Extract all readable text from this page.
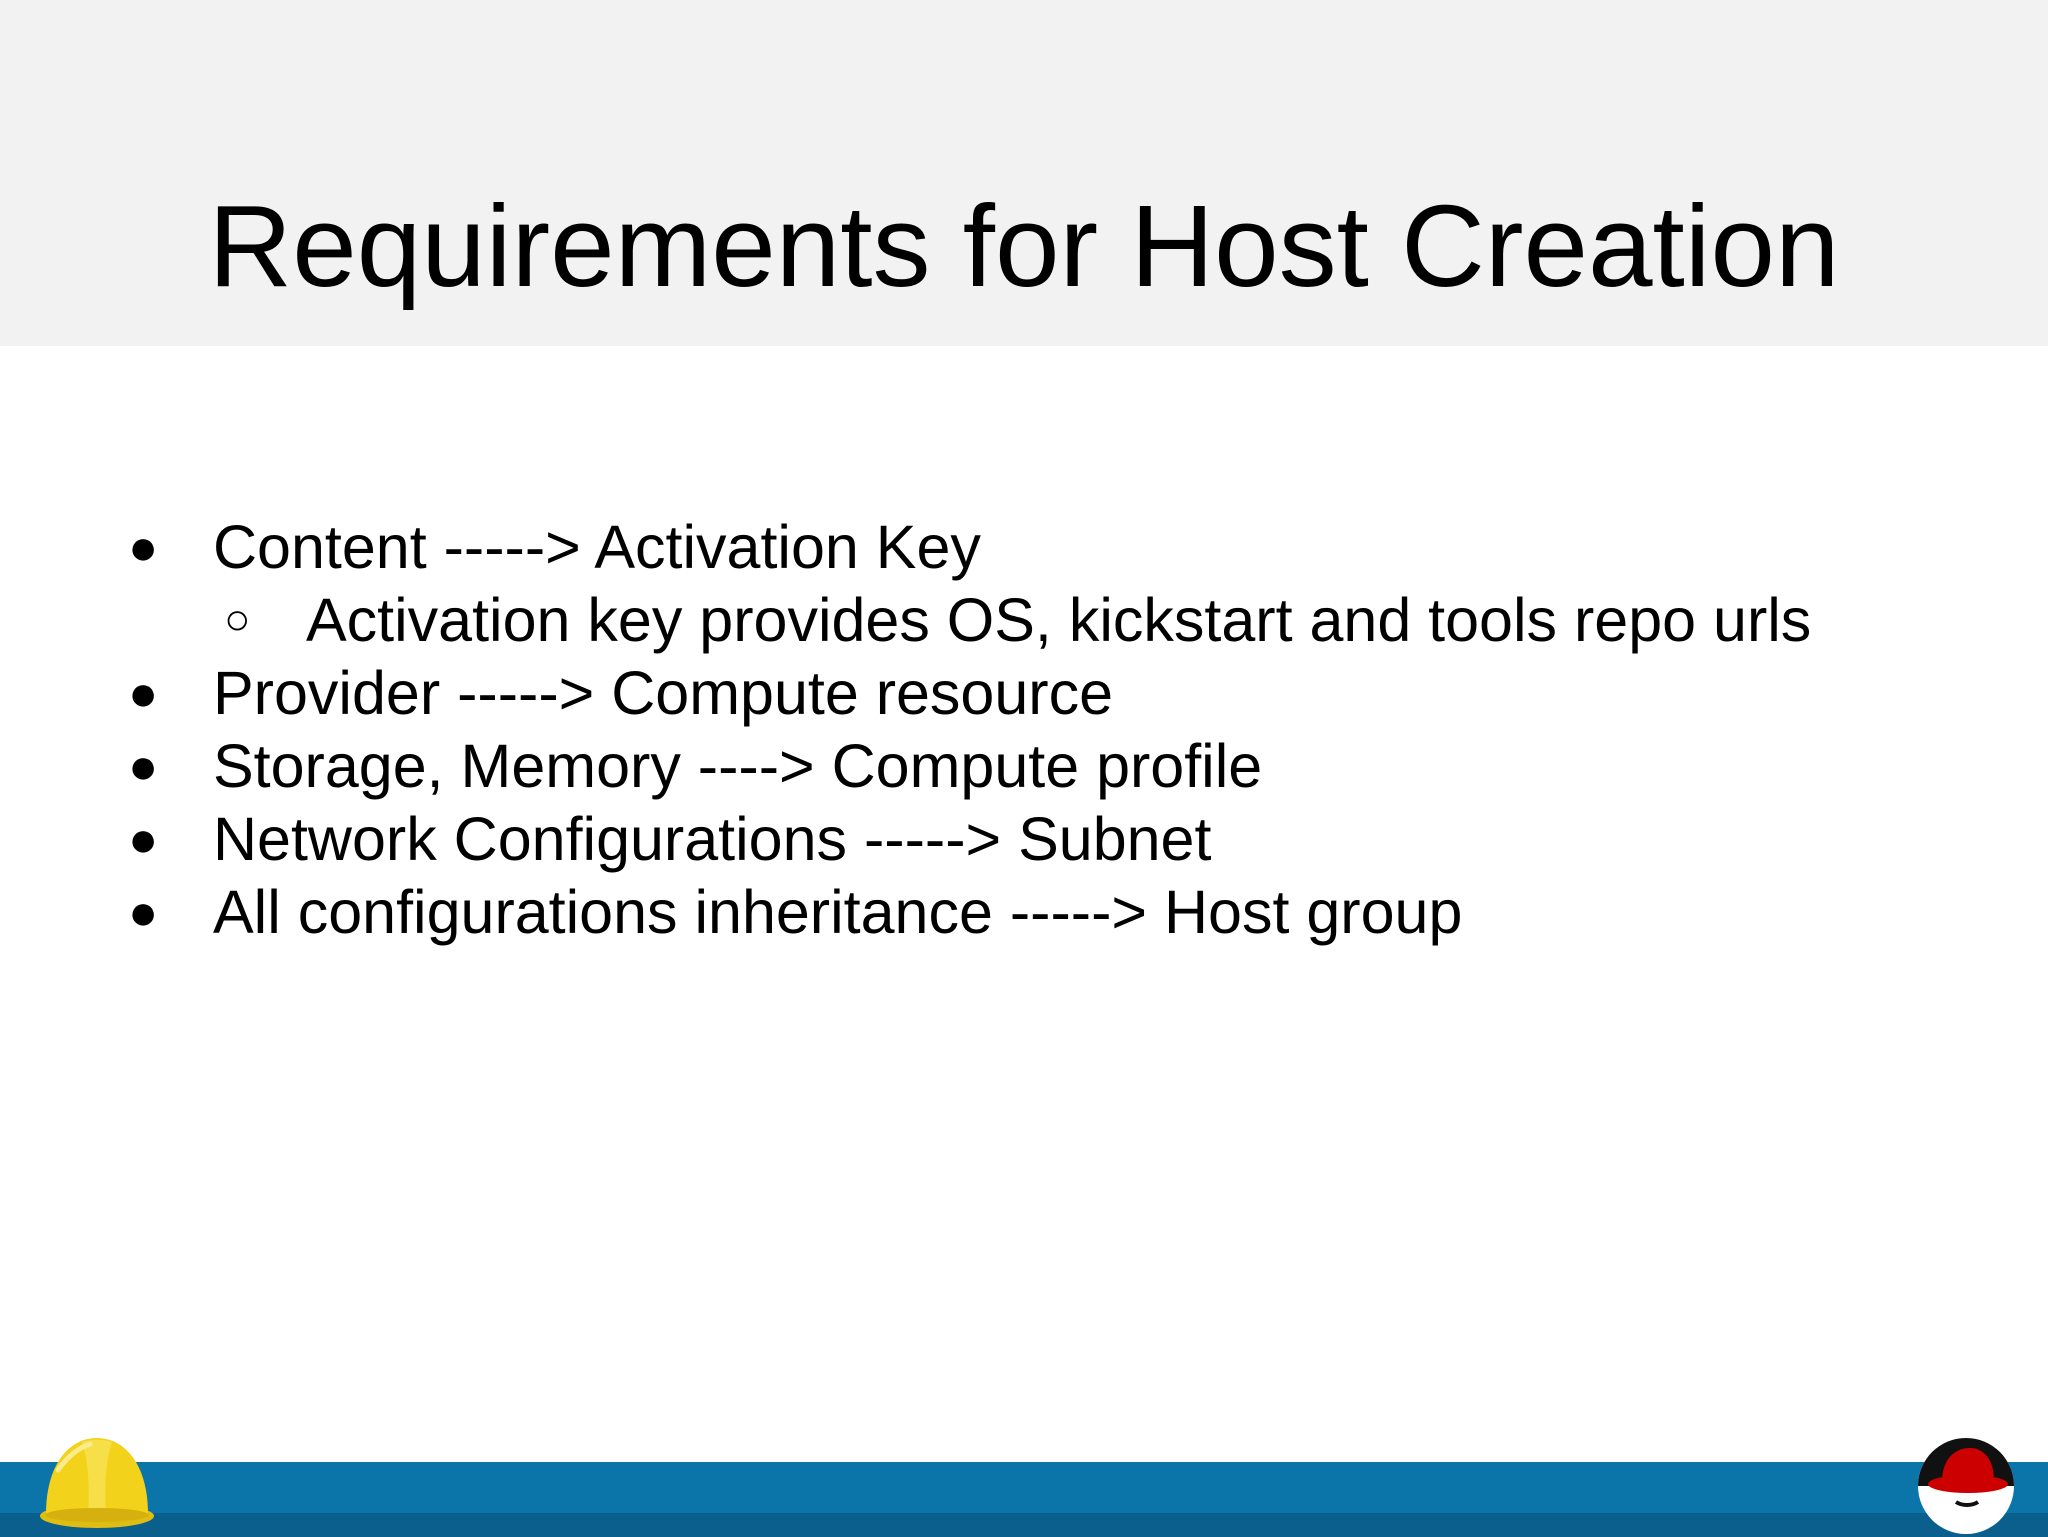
Requirements for Host Creation
● Content -----> Activation Key
○ Activation key provides OS, kickstart and tools repo urls
● Provider -----> Compute resource
● Storage, Memory ----> Compute profile
● Network Configurations -----> Subnet
● All configurations inheritance -----> Host group
